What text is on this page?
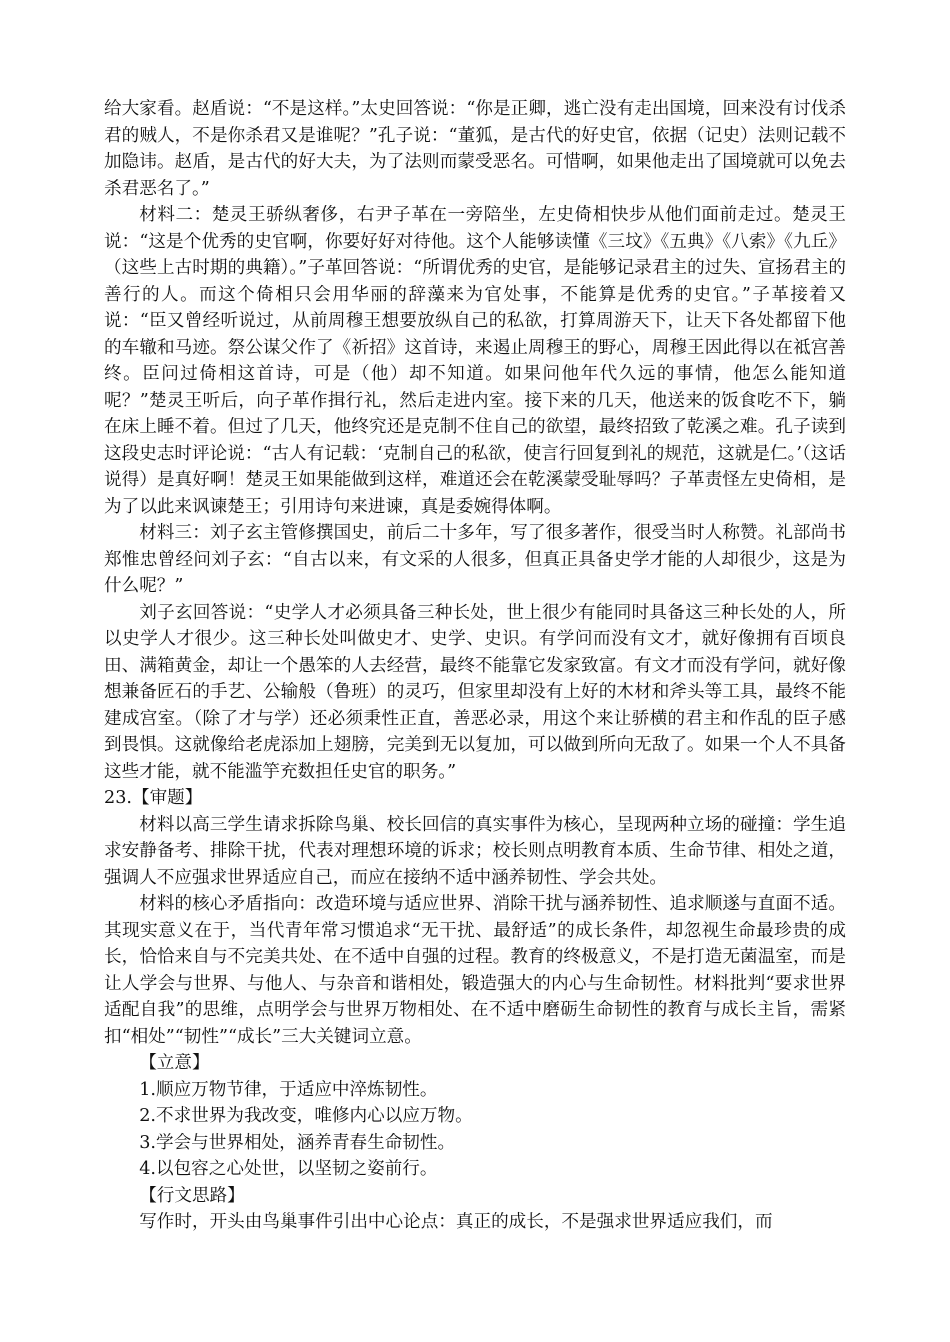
给大家看。赵盾说：“不是这样。”太史回答说：“你是正卿，逃亡没有走出国境，回来没有讨伐杀君的贼人，不是你杀君又是谁呢？”孔子说：“董狐，是古代的好史官，依据（记史）法则记载不加隐讳。赵盾，是古代的好大夫，为了法则而蒙受恶名。可惜啊，如果他走出了国境就可以免去杀君恶名了。”

材料二：楚灵王骄纵奢侈，右尹子革在一旁陪坐，左史倚相快步从他们面前走过。楚灵王说：“这是个优秀的史官啊，你要好好对待他。这个人能够读懂《三坟》《五典》《八索》《九丘》（这些上古时期的典籍）。”子革回答说：“所谓优秀的史官，是能够记录君主的过失、宣扬君主的善行的人。而这个倚相只会用华丽的辞藻来为官处事，不能算是优秀的史官。”子革接着又说：“臣又曾经听说过，从前周穆王想要放纵自己的私欲，打算周游天下，让天下各处都留下他的车辙和马迹。祭公谋父作了《祈招》这首诗，来遏止周穆王的野心，周穆王因此得以在祗宫善终。臣问过倚相这首诗，可是（他）却不知道。如果问他年代久远的事情，他怎么能知道呢？”楚灵王听后，向子革作揖行礼，然后走进内室。接下来的几天，他送来的饭食吃不下，躺在床上睡不着。但过了几天，他终究还是克制不住自己的欲望，最终招致了乾溪之难。孔子读到这段史志时评论说：“古人有记载：‘克制自己的私欲，使言行回复到礼的规范，这就是仁。’（这话说得）是真好啊！楚灵王如果能做到这样，难道还会在乾溪蒙受耻辱吗？子革责怪左史倚相，是为了以此来讽谏楚王；引用诗句来进谏，真是委婉得体啊。

材料三：刘子玄主管修撰国史，前后二十多年，写了很多著作，很受当时人称赞。礼部尚书郑惟忠曾经问刘子玄：“自古以来，有文采的人很多，但真正具备史学才能的人却很少，这是为什么呢？”

刘子玄回答说：“史学人才必须具备三种长处，世上很少有能同时具备这三种长处的人，所以史学人才很少。这三种长处叫做史才、史学、史识。有学问而没有文才，就好像拥有百顷良田、满箱黄金，却让一个愚笨的人去经营，最终不能靠它发家致富。有文才而没有学问，就好像想兼备匠石的手艺、公输般（鲁班）的灵巧，但家里却没有上好的木材和斧头等工具，最终不能建成宫室。（除了才与学）还必须秉性正直，善恶必录，用这个来让骄横的君主和作乱的臣子感到畏惧。这就像给老虎添加上翅膀，完美到无以复加，可以做到所向无敌了。如果一个人不具备这些才能，就不能滥竽充数担任史官的职务。”

23.【审题】

材料以高三学生请求拆除鸟巢、校长回信的真实事件为核心，呈现两种立场的碰撞：学生追求安静备考、排除干扰，代表对理想环境的诉求；校长则点明教育本质、生命节律、相处之道，强调人不应强求世界适应自己，而应在接纳不适中涵养韧性、学会共处。

材料的核心矛盾指向：改造环境与适应世界、消除干扰与涵养韧性、追求顺遂与直面不适。其现实意义在于，当代青年常习惯追求“无干扰、最舒适”的成长条件，却忽视生命最珍贵的成长，恰恰来自与不完美共处、在不适中自强的过程。教育的终极意义，不是打造无菌温室，而是让人学会与世界、与他人、与杂音和谐相处，锻造强大的内心与生命韧性。材料批判“要求世界适配自我”的思维，点明学会与世界万物相处、在不适中磨砺生命韧性的教育与成长主旨，需紧扣“相处”“韧性”“成长”三大关键词立意。

【立意】

1.顺应万物节律，于适应中淬炼韧性。

2.不求世界为我改变，唯修内心以应万物。

3.学会与世界相处，涵养青春生命韧性。

4.以包容之心处世，以坚韧之姿前行。

【行文思路】

写作时，开头由鸟巢事件引出中心论点：真正的成长，不是强求世界适应我们，而
